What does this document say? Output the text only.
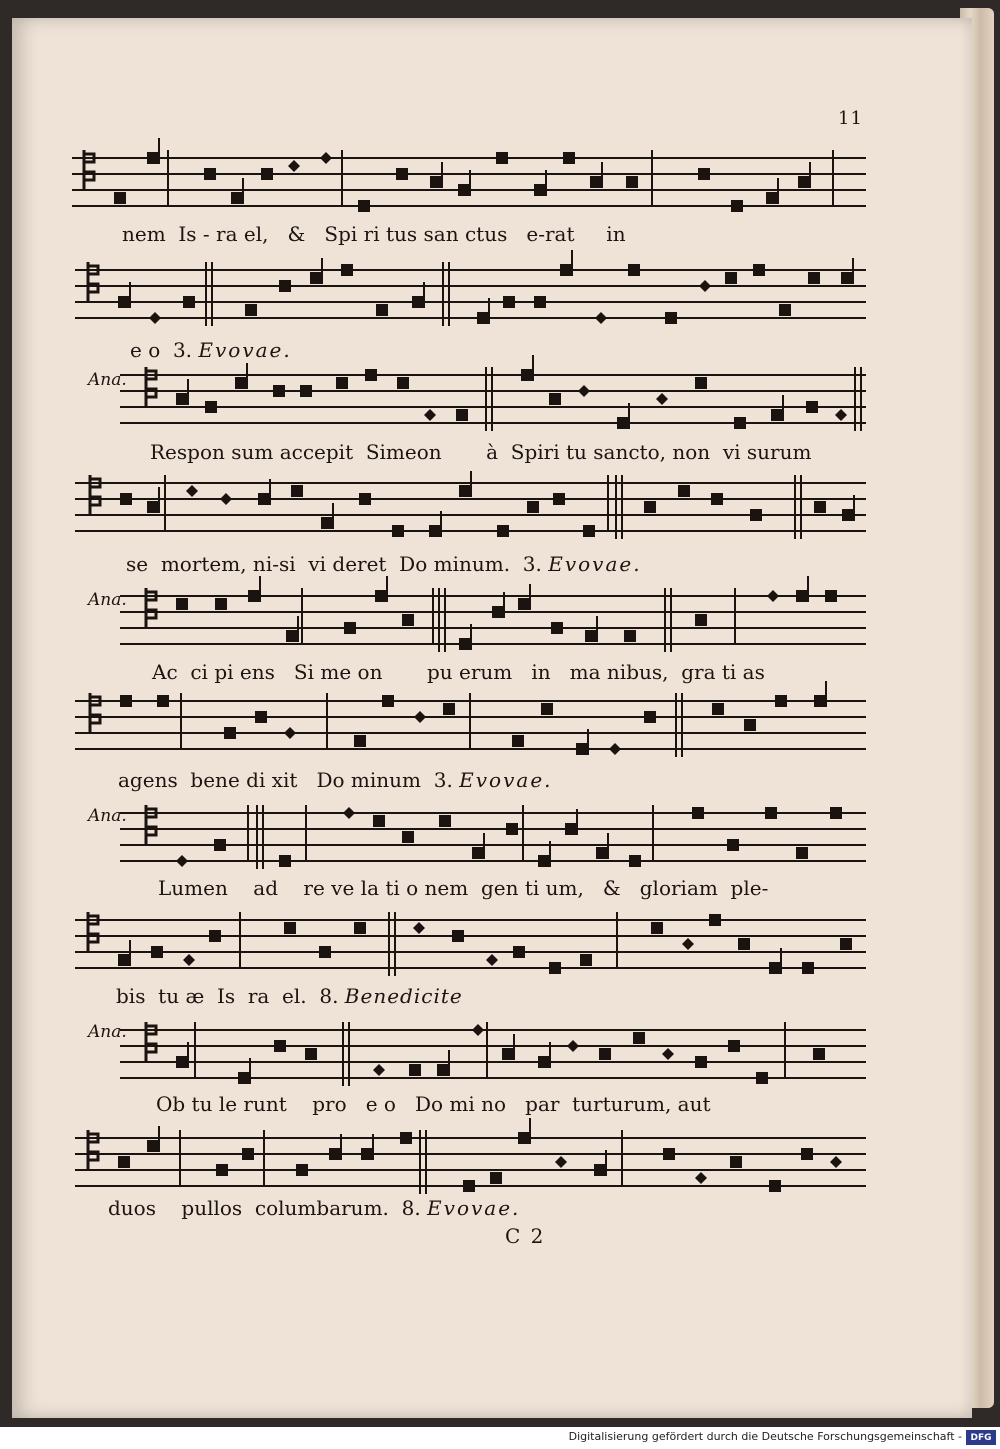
11
Ana.
Ana.
Ana.
Ana.
nem  Is - ra el,   &   Spi ri tus san ctus   e-rat     in
e o  3. Evovae.
Respon sum accepit  Simeon       à  Spiri tu sancto, non  vi surum
se  mortem, ni-si  vi deret  Do minum.  3. Evovae.
Ac  ci pi ens   Si me on       pu erum   in   ma nibus,  gra ti as
agens  bene di xit   Do minum  3. Evovae.
Lumen    ad    re ve la ti o nem  gen ti um,   &   gloriam  ple-
bis  tu æ  Is  ra  el.  8. Benedicite
Ob tu le runt    pro   e o   Do mi no   par  turturum, aut
duos    pullos  columbarum.  8. Evovae.
C 2
Digitalisierung gefördert durch die Deutsche Forschungsgemeinschaft - DFG
